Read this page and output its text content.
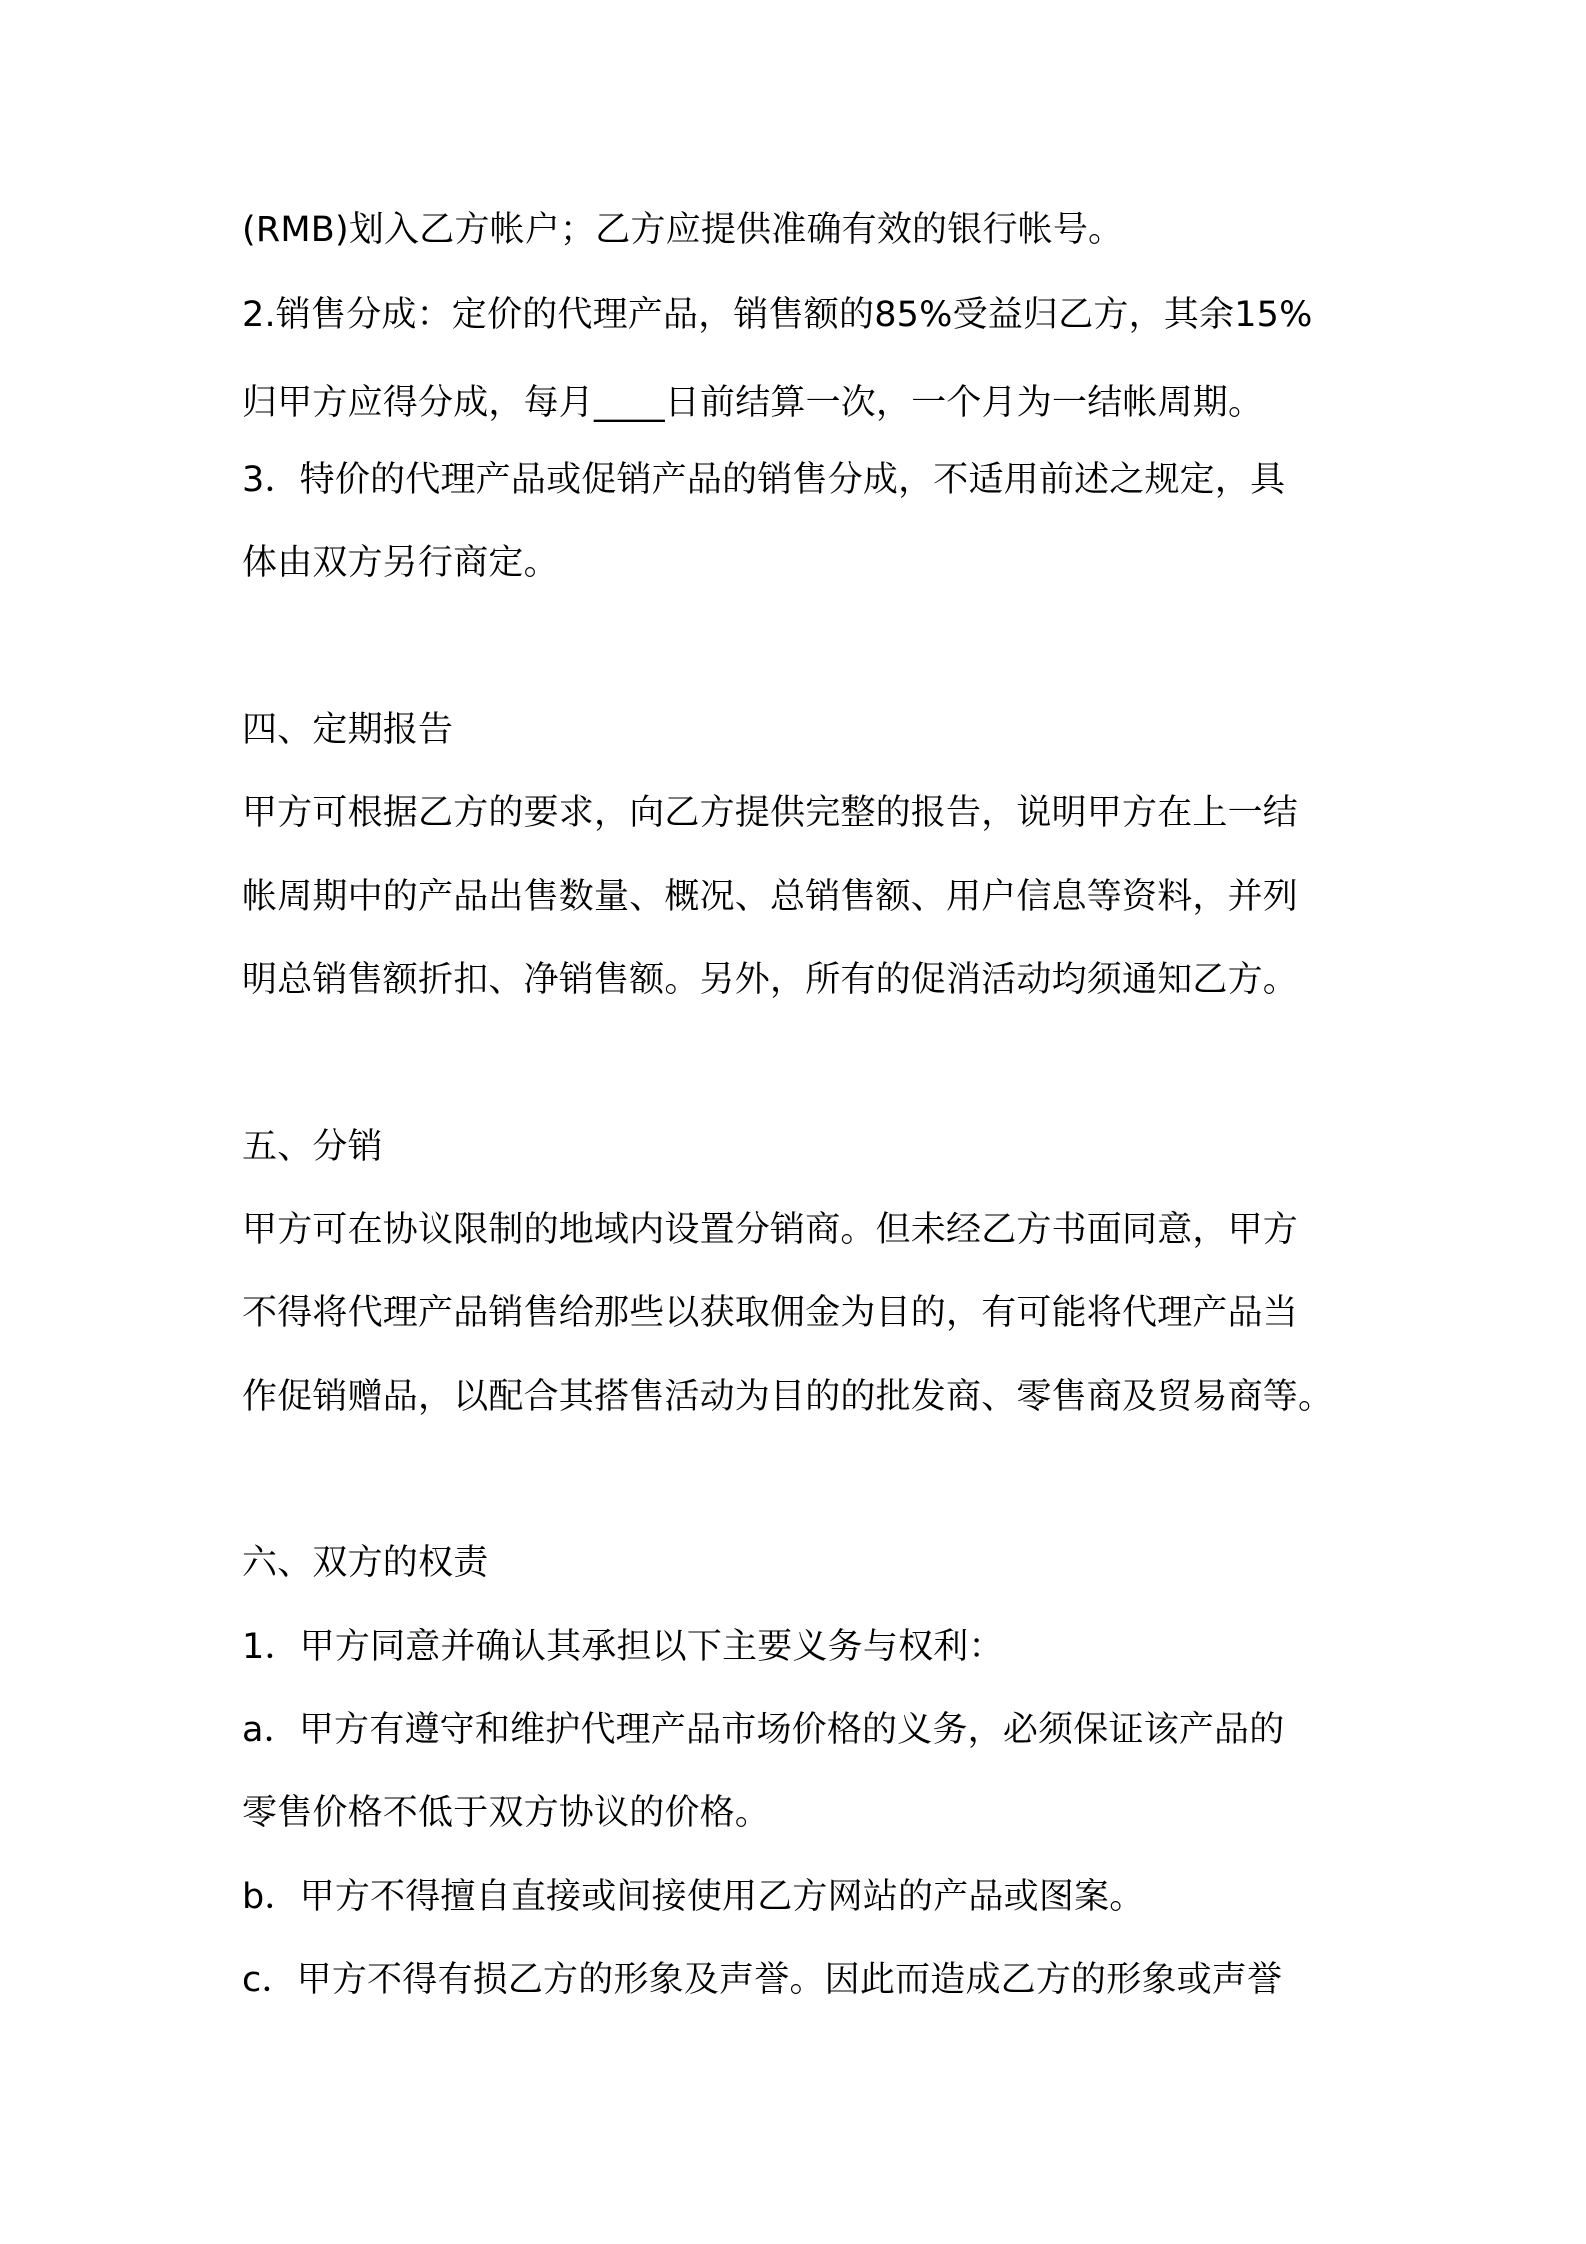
(RMB)划入乙方帐户；乙方应提供准确有效的银行帐号。
2.销售分成：定价的代理产品，销售额的85%受益归乙方，其余15%
归甲方应得分成，每月____日前结算一次，一个月为一结帐周期。
3．特价的代理产品或促销产品的销售分成，不适用前述之规定，具
体由双方另行商定。
四、定期报告
甲方可根据乙方的要求，向乙方提供完整的报告，说明甲方在上一结
帐周期中的产品出售数量、概况、总销售额、用户信息等资料，并列
明总销售额折扣、净销售额。另外，所有的促消活动均须通知乙方。
五、分销
甲方可在协议限制的地域内设置分销商。但未经乙方书面同意，甲方
不得将代理产品销售给那些以获取佣金为目的，有可能将代理产品当
作促销赠品，以配合其搭售活动为目的的批发商、零售商及贸易商等。
六、双方的权责
1．甲方同意并确认其承担以下主要义务与权利：
a．甲方有遵守和维护代理产品市场价格的义务，必须保证该产品的
零售价格不低于双方协议的价格。
b．甲方不得擅自直接或间接使用乙方网站的产品或图案。
c．甲方不得有损乙方的形象及声誉。因此而造成乙方的形象或声誉
